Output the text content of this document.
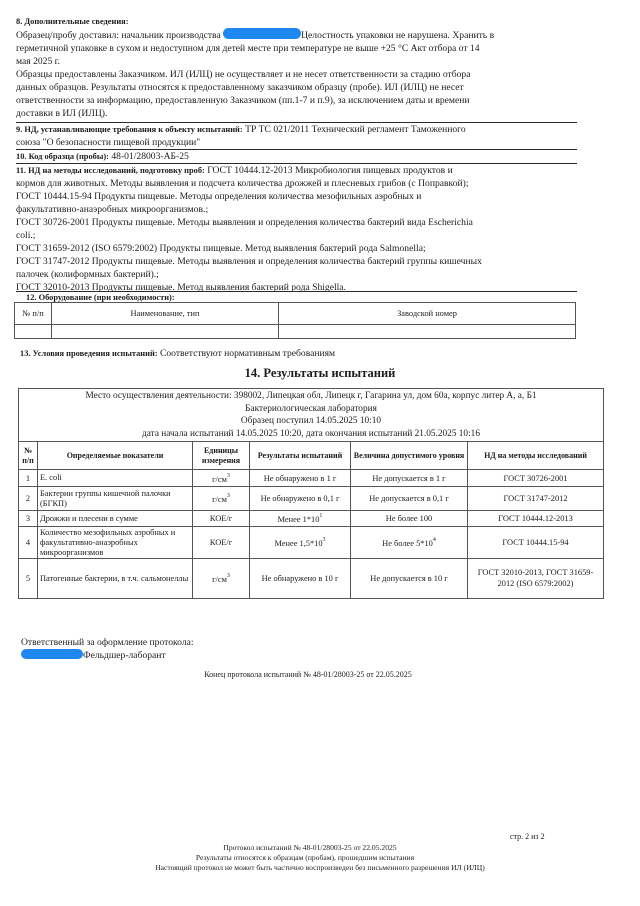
8. Дополнительные сведения:
Образец/пробу доставил: начальник производства	Целостность упаковки не нарушена. Хранить в
герметичной упаковке в сухом и недоступном для детей месте при температуре не выше +25 °С Акт отбора от 14
мая 2025 г.
Образцы предоставлены Заказчиком. ИЛ (ИЛЦ) не осуществляет и не несет ответственности за стадию отбора
данных образцов. Результаты относятся к предоставленному заказчиком образцу (пробе). ИЛ (ИЛЦ) не несет
ответственности за информацию, предоставленную Заказчиком (пп.1-7 и п.9), за исключением даты и времени
доставки в ИЛ (ИЛЦ).
9. НД, устанавливающие требования к объекту испытаний: ТР ТС 021/2011 Технический регламент Таможенного
союза "О безопасности пищевой продукции"
10. Код образца (пробы): 48-01/28003-АБ-25
11. НД на методы исследований, подготовку проб: ГОСТ 10444.12-2013 Микробиология пищевых продуктов и
кормов для животных. Методы выявления и подсчета количества дрожжей и плесневых грибов (с Поправкой);
ГОСТ 10444.15-94 Продукты пищевые. Методы определения количества мезофильных аэробных и
факультативно-анаэробных микроорганизмов.;
ГОСТ 30726-2001 Продукты пищевые. Методы выявления и определения количества бактерий вида Escherichia
coli.;
ГОСТ 31659-2012 (ISO 6579:2002) Продукты пищевые. Метод выявления бактерий рода Salmonella;
ГОСТ 31747-2012 Продукты пищевые. Методы выявления и определения количества бактерий группы кишечных
палочек (колиформных бактерий).;
ГОСТ 32010-2013 Продукты пищевые. Метод выявления бактерий рода Shigella.
12. Оборудование (при необходимости):
№ п/п	Наименование, тип	Заводской номер

13. Условия проведения испытаний: Соответствуют нормативным требованиям
14. Результаты испытаний
Место осуществления деятельности: 398002, Липецкая обл, Липецк г, Гагарина ул, дом 60а, корпус литер А, а, Б1
Бактериологическая лаборатория
Образец поступил 14.05.2025 10:10
дата начала испытаний 14.05.2025 10:20, дата окончания испытаний 21.05.2025 10:16					

№ п/п	Определяемые показатели	Единицы измерения	Результаты испытаний	Величина допустимого уровня	НД на методы исследований
1	E. coli	$г/см^3$	Не обнаружено в 1 г	Не допускается в 1 г	ГОСТ 30726-2001
2	Бактерии группы кишечной палочки (БГКП)	$г/см^3$	Не обнаружено в 0,1 г	Не допускается в 0,1 г	ГОСТ 31747-2012
3	Дрожжи и плесени в сумме	КОЕ/г	Менее $1*10^1$	Не более 100	ГОСТ 10444.12-2013
4	Количество мезофильных аэробных и факультативно-анаэробных микроорганизмов	КОЕ/г	Менее $1,5*10^3$	Не более $5*10^4$	ГОСТ 10444.15-94
5	Патогенные бактерии, в т.ч. сальмонеллы	$г/см^3$	Не обнаружено в 10 г	Не допускается в 10 г	ГОСТ 32010-2013, ГОСТ 31659-2012 (ISO 6579:2002)
Ответственный за оформление протокола:
Фельдшер-лаборант
Конец протокола испытаний № 48-01/28003-25 от 22.05.2025
стр. 2 из 2
Протокол испытаний № 48-01/28003-25 от 22.05.2025
Результаты относятся к образцам (пробам), прошедшим испытания
Настоящий протокол не может быть частично воспроизведен без письменного разрешения ИЛ (ИЛЦ)
